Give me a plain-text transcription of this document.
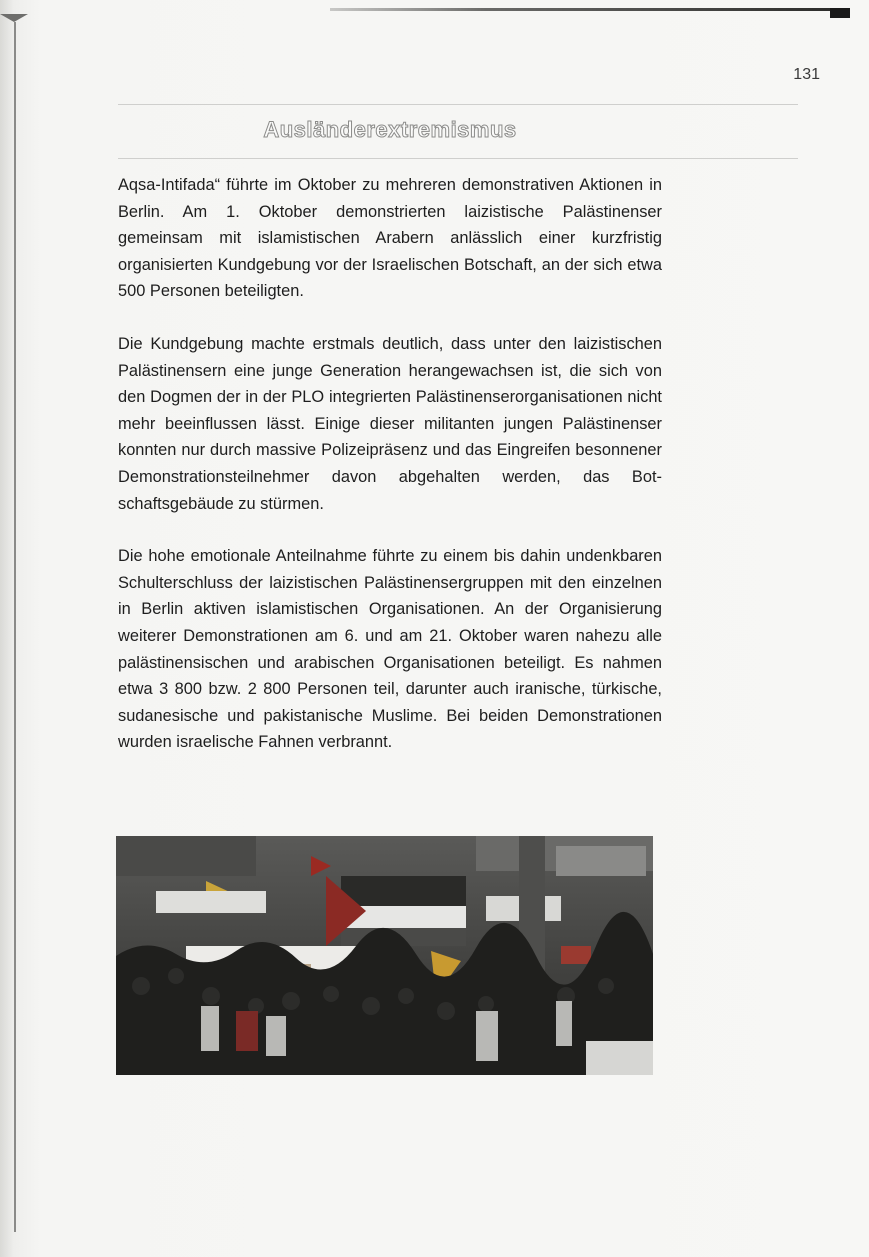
131
Ausländerextremismus

Aqsa-Intifada“ führte im Oktober zu mehreren demonstrativen Aktionen in Berlin. Am 1. Oktober demonstrierten laizistische Palästinenser gemeinsam mit islamistischen Arabern anlässlich einer kurzfristig organisierten Kundgebung vor der Israelischen Botschaft, an der sich etwa 500 Personen beteiligten.

Die Kundgebung machte erstmals deutlich, dass unter den laizistischen Palästinensern eine junge Generation herangewachsen ist, die sich von den Dogmen der in der PLO integrierten Palästinenserorganisationen nicht mehr beeinflussen lässt. Einige dieser militanten jungen Palästinenser konnten nur durch massive Polizeipräsenz und das Eingreifen besonnener Demonstrationsteilnehmer davon abgehalten werden, das Botschaftsgebäude zu stürmen.

Die hohe emotionale Anteilnahme führte zu einem bis dahin undenkbaren Schulterschluss der laizistischen Palästinensergruppen mit den einzelnen in Berlin aktiven islamistischen Organisationen. An der Organisierung weiterer Demonstrationen am 6. und am 21. Oktober waren nahezu alle palästinensischen und arabischen Organisationen beteiligt. Es nahmen etwa 3 800 bzw. 2 800 Personen teil, darunter auch iranische, türkische, sudanesische und pakistanische Muslime. Bei beiden Demonstrationen wurden israelische Fahnen verbrannt.
